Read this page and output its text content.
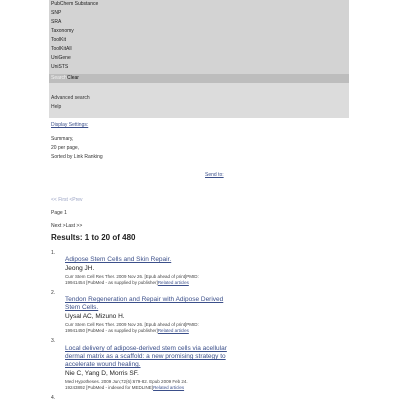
PubChem Substance
SNP
SRA
Taxonomy
ToolKit
ToolKitAll
UniGene
UniSTS
Search Clear
Advanced search
Help
Display Settings:
Summary,
20 per page,
Sorted by Link Ranking
Send to:
<< First <Prev
Page 1
Next >Last >>
Results: 1 to 20 of 480
1.
Adipose Stem Cells and Skin Repair.
Jeong JH.
Curr Stem Cell Res Ther. 2009 Nov 26. [Epub ahead of print]PMID:
19941454 [PubMed - as supplied by publisher]Related articles
2.
Tendon Regeneration and Repair with Adipose Derived Stem Cells.
Uysal AC, Mizuno H.
Curr Stem Cell Res Ther. 2009 Nov 26. [Epub ahead of print]PMID:
19941450 [PubMed - as supplied by publisher]Related articles
3.
Local delivery of adipose-derived stem cells via acellular dermal matrix as a scaffold: a new promising strategy to accelerate wound healing.
Nie C, Yang D, Morris SF.
Med Hypotheses. 2009 Jun;72(6):679-82. Epub 2009 Feb 24.
19243892 [PubMed - indexed for MEDLINE]Related articles
4.
